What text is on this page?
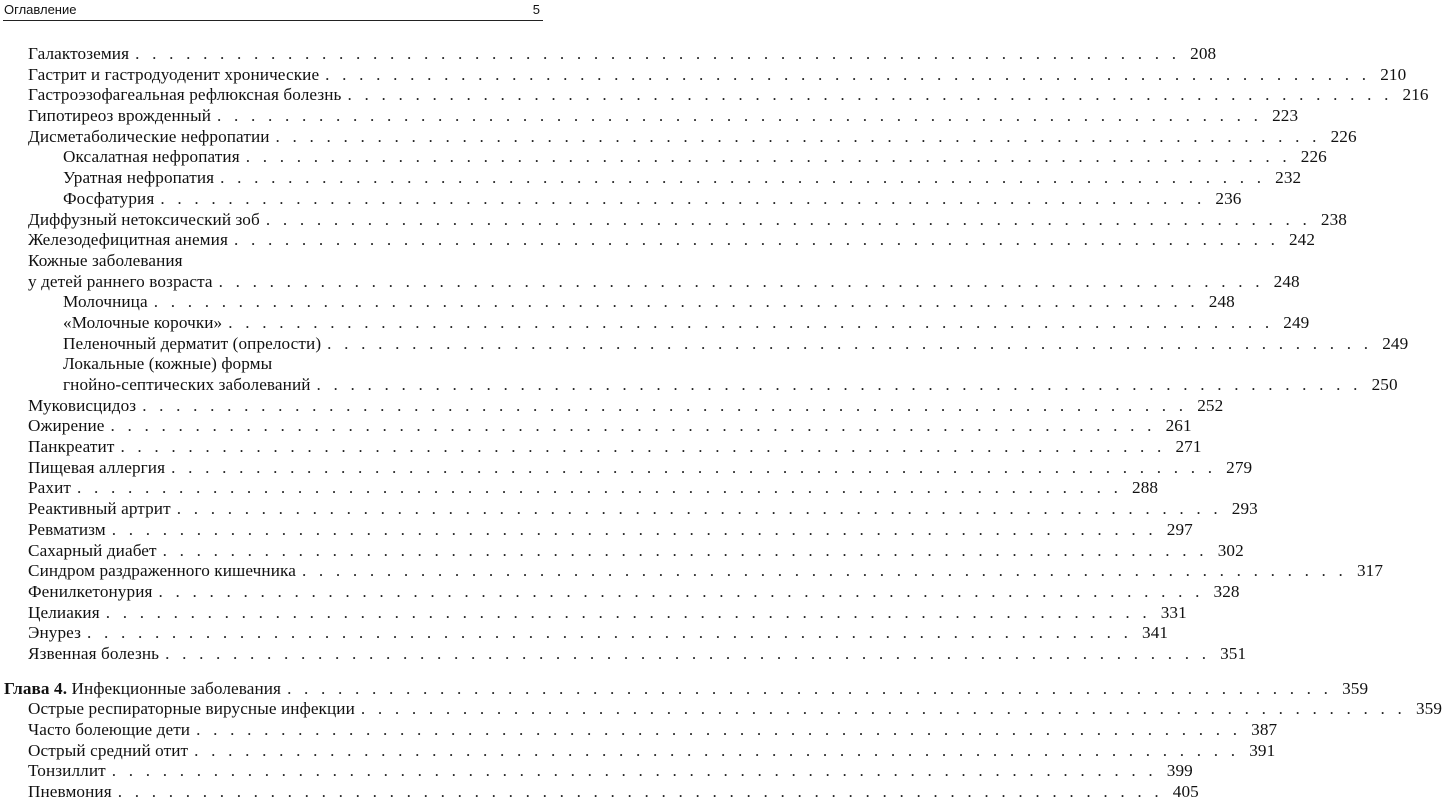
Оглавление	5
Галактоземия . . . . . . . . . . . . . . . . . . . . . . . . . . . . . . . . . . . . . . . . . . . . . . . . . . . . . . . . . . . . . . 208
Гастрит и гастродуоденит хронические . . . . . . . . . . . . . . . . . . . . . . . . . . . . . . . . . . . . . . . . . . . . . . . . . . . . . . . . . . . . . . 210
Гастроэзофагеальная рефлюксная болезнь . . . . . . . . . . . . . . . . . . . . . . . . . . . . . . . . . . . . . . . . . . . . . . . . . . . . . . . . . . . . . . 216
Гипотиреоз врожденный . . . . . . . . . . . . . . . . . . . . . . . . . . . . . . . . . . . . . . . . . . . . . . . . . . . . . . . . . . . . . . 223
Дисметаболические нефропатии . . . . . . . . . . . . . . . . . . . . . . . . . . . . . . . . . . . . . . . . . . . . . . . . . . . . . . . . . . . . . . 226
Оксалатная нефропатия . . . . . . . . . . . . . . . . . . . . . . . . . . . . . . . . . . . . . . . . . . . . . . . . . . . . . . . . . . . . . . 226
Уратная нефропатия . . . . . . . . . . . . . . . . . . . . . . . . . . . . . . . . . . . . . . . . . . . . . . . . . . . . . . . . . . . . . . 232
Фосфатурия . . . . . . . . . . . . . . . . . . . . . . . . . . . . . . . . . . . . . . . . . . . . . . . . . . . . . . . . . . . . . . 236
Диффузный нетоксический зоб . . . . . . . . . . . . . . . . . . . . . . . . . . . . . . . . . . . . . . . . . . . . . . . . . . . . . . . . . . . . . . 238
Железодефицитная анемия . . . . . . . . . . . . . . . . . . . . . . . . . . . . . . . . . . . . . . . . . . . . . . . . . . . . . . . . . . . . . . 242
Кожные заболевания
у детей раннего возраста . . . . . . . . . . . . . . . . . . . . . . . . . . . . . . . . . . . . . . . . . . . . . . . . . . . . . . . . . . . . . . 248
Молочница . . . . . . . . . . . . . . . . . . . . . . . . . . . . . . . . . . . . . . . . . . . . . . . . . . . . . . . . . . . . . . 248
«Молочные корочки» . . . . . . . . . . . . . . . . . . . . . . . . . . . . . . . . . . . . . . . . . . . . . . . . . . . . . . . . . . . . . . 249
Пеленочный дерматит (опрелости) . . . . . . . . . . . . . . . . . . . . . . . . . . . . . . . . . . . . . . . . . . . . . . . . . . . . . . . . . . . . . . 249
Локальные (кожные) формы
гнойно-септических заболеваний . . . . . . . . . . . . . . . . . . . . . . . . . . . . . . . . . . . . . . . . . . . . . . . . . . . . . . . . . . . . . . 250
Муковисцидоз . . . . . . . . . . . . . . . . . . . . . . . . . . . . . . . . . . . . . . . . . . . . . . . . . . . . . . . . . . . . . . 252
Ожирение . . . . . . . . . . . . . . . . . . . . . . . . . . . . . . . . . . . . . . . . . . . . . . . . . . . . . . . . . . . . . . 261
Панкреатит . . . . . . . . . . . . . . . . . . . . . . . . . . . . . . . . . . . . . . . . . . . . . . . . . . . . . . . . . . . . . . 271
Пищевая аллергия . . . . . . . . . . . . . . . . . . . . . . . . . . . . . . . . . . . . . . . . . . . . . . . . . . . . . . . . . . . . . . 279
Рахит . . . . . . . . . . . . . . . . . . . . . . . . . . . . . . . . . . . . . . . . . . . . . . . . . . . . . . . . . . . . . . 288
Реактивный артрит . . . . . . . . . . . . . . . . . . . . . . . . . . . . . . . . . . . . . . . . . . . . . . . . . . . . . . . . . . . . . . 293
Ревматизм . . . . . . . . . . . . . . . . . . . . . . . . . . . . . . . . . . . . . . . . . . . . . . . . . . . . . . . . . . . . . . 297
Сахарный диабет . . . . . . . . . . . . . . . . . . . . . . . . . . . . . . . . . . . . . . . . . . . . . . . . . . . . . . . . . . . . . . 302
Синдром раздраженного кишечника . . . . . . . . . . . . . . . . . . . . . . . . . . . . . . . . . . . . . . . . . . . . . . . . . . . . . . . . . . . . . . 317
Фенилкетонурия . . . . . . . . . . . . . . . . . . . . . . . . . . . . . . . . . . . . . . . . . . . . . . . . . . . . . . . . . . . . . . 328
Целиакия . . . . . . . . . . . . . . . . . . . . . . . . . . . . . . . . . . . . . . . . . . . . . . . . . . . . . . . . . . . . . . 331
Энурез . . . . . . . . . . . . . . . . . . . . . . . . . . . . . . . . . . . . . . . . . . . . . . . . . . . . . . . . . . . . . . 341
Язвенная болезнь . . . . . . . . . . . . . . . . . . . . . . . . . . . . . . . . . . . . . . . . . . . . . . . . . . . . . . . . . . . . . . 351
Глава 4. Инфекционные заболевания . . . . . . . . . . . . . . . . . . . . . . . . . . . . . . . . . . . . . . . . . . . . . . . . . . . . . . . . . . . . . . 359
Острые респираторные вирусные инфекции . . . . . . . . . . . . . . . . . . . . . . . . . . . . . . . . . . . . . . . . . . . . . . . . . . . . . . . . . . . . . . 359
Часто болеющие дети . . . . . . . . . . . . . . . . . . . . . . . . . . . . . . . . . . . . . . . . . . . . . . . . . . . . . . . . . . . . . . 387
Острый средний отит . . . . . . . . . . . . . . . . . . . . . . . . . . . . . . . . . . . . . . . . . . . . . . . . . . . . . . . . . . . . . . 391
Тонзиллит . . . . . . . . . . . . . . . . . . . . . . . . . . . . . . . . . . . . . . . . . . . . . . . . . . . . . . . . . . . . . . 399
Пневмония . . . . . . . . . . . . . . . . . . . . . . . . . . . . . . . . . . . . . . . . . . . . . . . . . . . . . . . . . . . . . . 405
